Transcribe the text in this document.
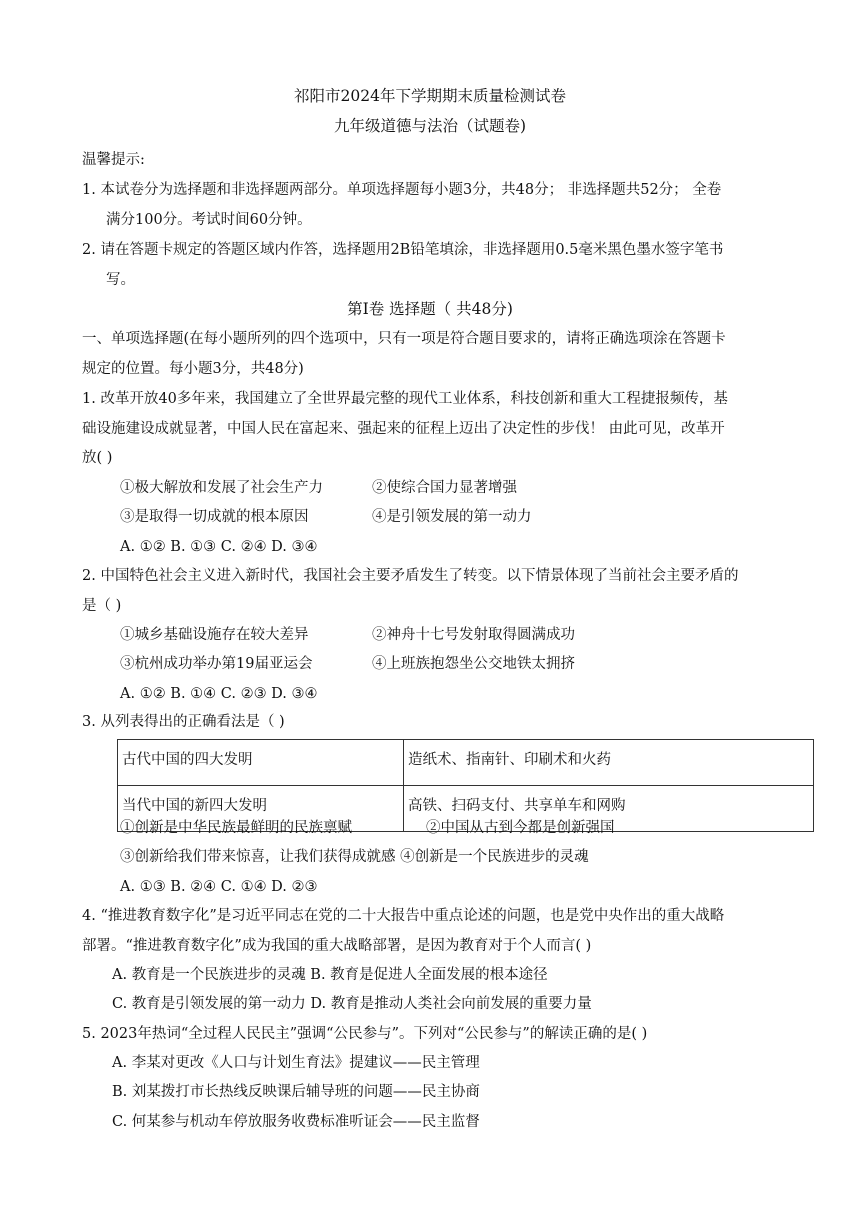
祁阳市2024年下学期期末质量检测试卷
九年级道德与法治（试题卷)
温馨提示:
1. 本试卷分为选择题和非选择题两部分。单项选择题每小题3分，共48分； 非选择题共52分； 全卷
满分100分。考试时间60分钟。
2. 请在答题卡规定的答题区域内作答，选择题用2B铅笔填涂，非选择题用0.5毫米黑色墨水签字笔书
写。
第Ⅰ卷 选择题（ 共48分)
一、单项选择题(在每小题所列的四个选项中，只有一项是符合题目要求的，请将正确选项涂在答题卡
规定的位置。每小题3分，共48分)
1. 改革开放40多年来，我国建立了全世界最完整的现代工业体系，科技创新和重大工程捷报频传，基
础设施建设成就显著，中国人民在富起来、强起来的征程上迈出了决定性的步伐！ 由此可见，改革开
放( )
①极大解放和发展了社会生产力	②使综合国力显著增强
③是取得一切成就的根本原因	④是引领发展的第一动力
A. ①② B. ①③ C. ②④ D. ③④
2. 中国特色社会主义进入新时代，我国社会主要矛盾发生了转变。以下情景体现了当前社会主要矛盾的
是（ )
①城乡基础设施存在较大差异	②神舟十七号发射取得圆满成功
③杭州成功举办第19届亚运会	④上班族抱怨坐公交地铁太拥挤
A. ①② B. ①④ C. ②③ D. ③④
3. 从列表得出的正确看法是（ )
古代中国的四大发明	造纸术、指南针、印刷术和火药
当代中国的新四大发明	高铁、扫码支付、共享单车和网购
①创新是中华民族最鲜明的民族禀赋	②中国从古到今都是创新强国
③创新给我们带来惊喜，让我们获得成就感 ④创新是一个民族进步的灵魂
A. ①③ B. ②④ C. ①④ D. ②③
4. “推进教育数字化”是习近平同志在党的二十大报告中重点论述的问题，也是党中央作出的重大战略
部署。“推进教育数字化”成为我国的重大战略部署，是因为教育对于个人而言( )
A. 教育是一个民族进步的灵魂 B. 教育是促进人全面发展的根本途径
C. 教育是引领发展的第一动力 D. 教育是推动人类社会向前发展的重要力量
5. 2023年热词“全过程人民民主”强调“公民参与”。下列对“公民参与”的解读正确的是( )
A. 李某对更改《人口与计划生育法》提建议——民主管理
B. 刘某拨打市长热线反映课后辅导班的问题——民主协商
C. 何某参与机动车停放服务收费标准听证会——民主监督
